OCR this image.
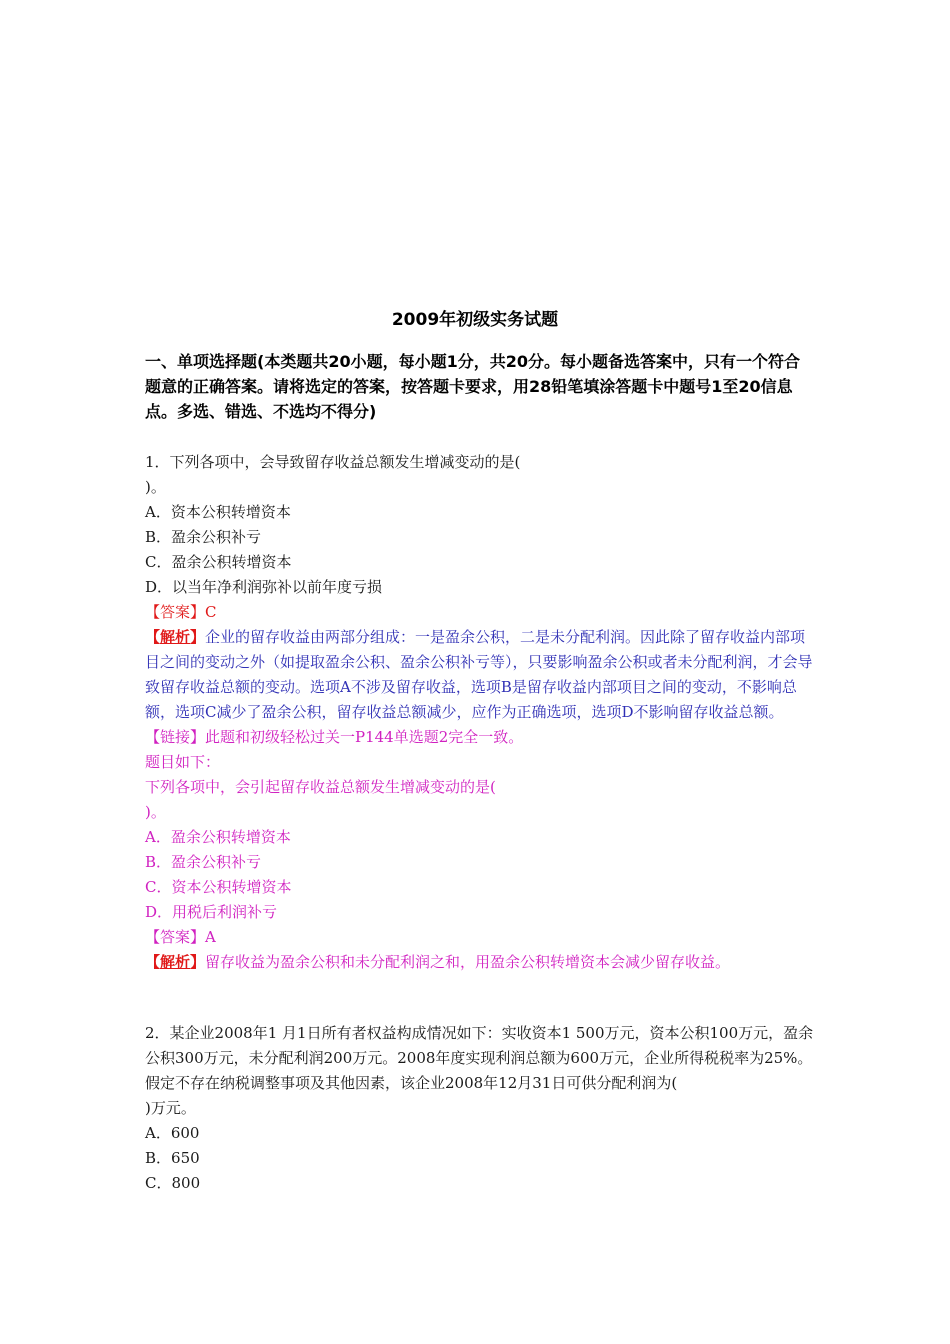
2009年初级实务试题
一、单项选择题(本类题共20小题，每小题1分，共20分。每小题备选答案中，只有一个符合题意的正确答案。请将选定的答案，按答题卡要求，用28铅笔填涂答题卡中题号1至20信息点。多选、错选、不选均不得分)
1．下列各项中，会导致留存收益总额发生增减变动的是(
)。
A．资本公积转增资本
B．盈余公积补亏
C．盈余公积转增资本
D．以当年净利润弥补以前年度亏损
【答案】C
【解析】企业的留存收益由两部分组成：一是盈余公积，二是未分配利润。因此除了留存收益内部项目之间的变动之外（如提取盈余公积、盈余公积补亏等），只要影响盈余公积或者未分配利润，才会导致留存收益总额的变动。选项A不涉及留存收益，选项B是留存收益内部项目之间的变动，不影响总额，选项C减少了盈余公积，留存收益总额减少，应作为正确选项，选项D不影响留存收益总额。
【链接】此题和初级轻松过关一P144单选题2完全一致。
题目如下：
下列各项中，会引起留存收益总额发生增减变动的是(
)。
A．盈余公积转增资本
B．盈余公积补亏
C．资本公积转增资本
D．用税后利润补亏
【答案】A
【解析】留存收益为盈余公积和未分配利润之和，用盈余公积转增资本会减少留存收益。
2．某企业2008年1 月1日所有者权益构成情况如下：实收资本1 500万元，资本公积100万元，盈余公积300万元，未分配利润200万元。2008年度实现利润总额为600万元，企业所得税税率为25%。假定不存在纳税调整事项及其他因素，该企业2008年12月31日可供分配利润为(
)万元。
A．600
B．650
C．800
